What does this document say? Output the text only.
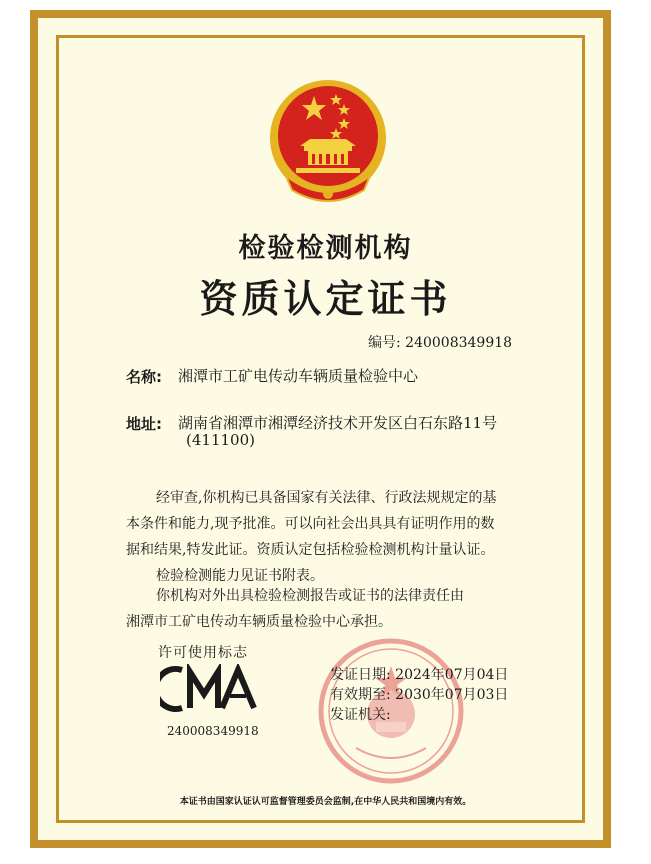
检验检测机构
资质认定证书
编号: 240008349918
名称: 湘潭市工矿电传动车辆质量检验中心
地址: 湖南省湘潭市湘潭经济技术开发区白石东路11号
(411100)
经审查,你机构已具备国家有关法律、行政法规规定的基
本条件和能力,现予批准。可以向社会出具具有证明作用的数
据和结果,特发此证。资质认定包括检验检测机构计量认证。
检验检测能力见证书附表。
你机构对外出具检验检测报告或证书的法律责任由
湘潭市工矿电传动车辆质量检验中心承担。
许可使用标志
240008349918
发证日期: 2024年07月04日
有效期至: 2030年07月03日
发证机关:
本证书由国家认证认可监督管理委员会监制,在中华人民共和国境内有效。
